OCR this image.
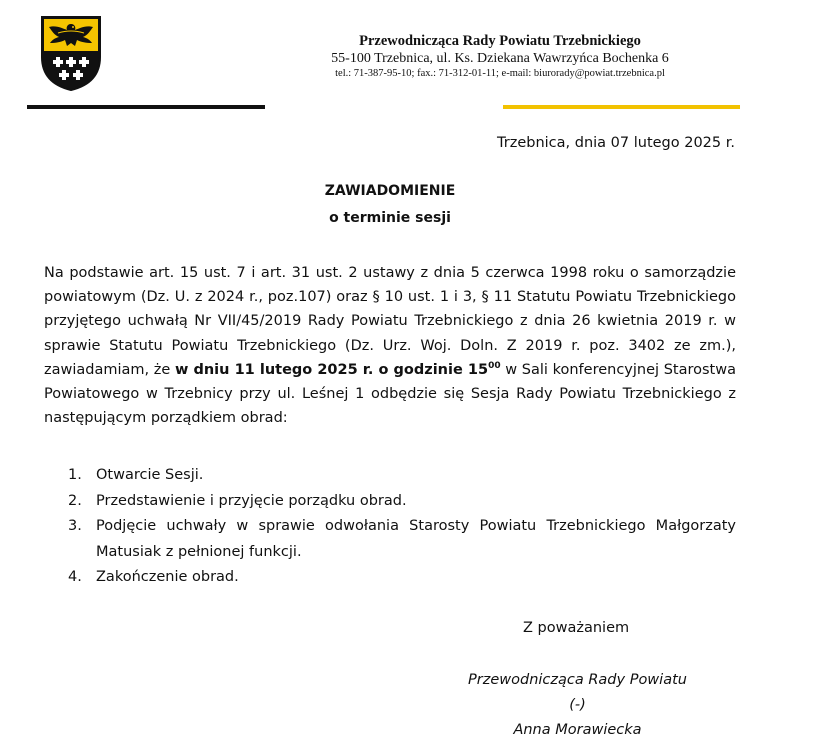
Przewodnicząca Rady Powiatu Trzebnickiego
55-100 Trzebnica, ul. Ks. Dziekana Wawrzyńca Bochenka 6
tel.: 71-387-95-10; fax.: 71-312-01-11; e-mail: biurorady@powiat.trzebnica.pl
Trzebnica, dnia 07 lutego 2025 r.
ZAWIADOMIENIE
o terminie sesji
Na podstawie art. 15 ust. 7 i art. 31 ust. 2 ustawy z dnia 5 czerwca 1998 roku o samorządzie powiatowym (Dz. U. z 2024 r., poz.107) oraz § 10 ust. 1 i 3, § 11 Statutu Powiatu Trzebnickiego przyjętego uchwałą Nr VII/45/2019 Rady Powiatu Trzebnickiego z dnia 26 kwietnia 2019 r. w sprawie Statutu Powiatu Trzebnickiego (Dz. Urz. Woj. Doln. Z 2019 r. poz. 3402 ze zm.), zawiadamiam, że w dniu 11 lutego 2025 r. o godzinie $15^{00}$ w Sali konferencyjnej Starostwa Powiatowego w Trzebnicy przy ul. Leśnej 1 odbędzie się Sesja Rady Powiatu Trzebnickiego z następującym porządkiem obrad:
1. Otwarcie Sesji.
2. Przedstawienie i przyjęcie porządku obrad.
3. Podjęcie uchwały w sprawie odwołania Starosty Powiatu Trzebnickiego Małgorzaty Matusiak z pełnionej funkcji.
4. Zakończenie obrad.
Z poważaniem
Przewodnicząca Rady Powiatu
(-)
Anna Morawiecka
